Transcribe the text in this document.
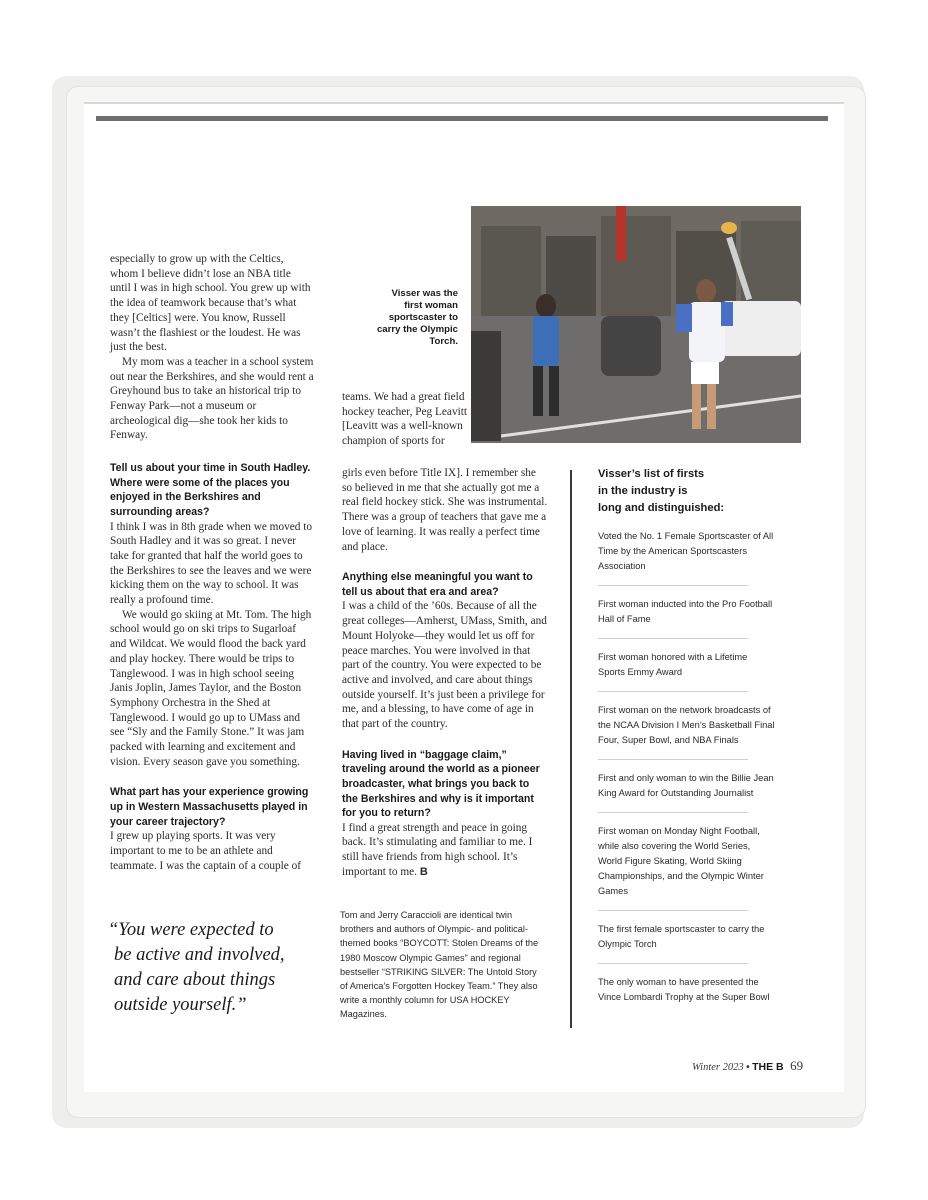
especially to grow up with the Celtics, whom I believe didn’t lose an NBA title until I was in high school. You grew up with the idea of teamwork because that’s what they [Celtics] were. You know, Russell wasn’t the flashiest or the loudest. He was just the best.

My mom was a teacher in a school system out near the Berkshires, and she would rent a Greyhound bus to take an historical trip to Fenway Park—not a museum or archeological dig—she took her kids to Fenway.

Tell us about your time in South Hadley. Where were some of the places you enjoyed in the Berkshires and surrounding areas?

I think I was in 8th grade when we moved to South Hadley and it was so great. I never take for granted that half the world goes to the Berkshires to see the leaves and we were kicking them on the way to school. It was really a profound time.

We would go skiing at Mt. Tom. The high school would go on ski trips to Sugarloaf and Wildcat. We would flood the back yard and play hockey. There would be trips to Tanglewood. I was in high school seeing Janis Joplin, James Taylor, and the Boston Symphony Orchestra in the Shed at Tanglewood. I would go up to UMass and see “Sly and the Family Stone.” It was jam packed with learning and excitement and vision. Every season gave you something.

What part has your experience growing up in Western Massachusetts played in your career trajectory?

I grew up playing sports. It was very important to me to be an athlete and teammate. I was the captain of a couple of

Visser was the first woman sportscaster to carry the Olympic Torch.

teams. We had a great field hockey teacher, Peg Leavitt [Leavitt was a well-known champion of sports for

girls even before Title IX]. I remember she so believed in me that she actually got me a real field hockey stick. She was instrumental. There was a group of teachers that gave me a love of learning. It was really a perfect time and place.

Anything else meaningful you want to tell us about that era and area?

I was a child of the ’60s. Because of all the great colleges—Amherst, UMass, Smith, and Mount Holyoke—they would let us off for peace marches. You were involved in that part of the country. You were expected to be active and involved, and care about things outside yourself. It’s just been a privilege for me, and a blessing, to have come of age in that part of the country.

Having lived in “baggage claim,” traveling around the world as a pioneer broadcaster, what brings you back to the Berkshires and why is it important for you to return?

I find a great strength and peace in going back. It’s stimulating and familiar to me. I still have friends from high school. It’s important to me. B

“You were expected to
be active and involved,
and care about things
outside yourself.”
Tom and Jerry Caraccioli are identical twin brothers and authors of Olympic- and political-themed books “BOYCOTT: Stolen Dreams of the 1980 Moscow Olympic Games” and regional bestseller “STRIKING SILVER: The Untold Story of America’s Forgotten Hockey Team.” They also write a monthly column for USA HOCKEY Magazines.
Visser’s list of firsts
in the industry is
long and distinguished:
Voted the No. 1 Female Sportscaster of All Time by the American Sportscasters Association
First woman inducted into the Pro Football Hall of Fame
First woman honored with a Lifetime Sports Emmy Award
First woman on the network broadcasts of the NCAA Division I Men’s Basketball Final Four, Super Bowl, and NBA Finals
First and only woman to win the Billie Jean King Award for Outstanding Journalist
First woman on Monday Night Football, while also covering the World Series, World Figure Skating, World Skiing Championships, and the Olympic Winter Games
The first female sportscaster to carry the Olympic Torch
The only woman to have presented the Vince Lombardi Trophy at the Super Bowl
Winter 2023 • THE B 69
